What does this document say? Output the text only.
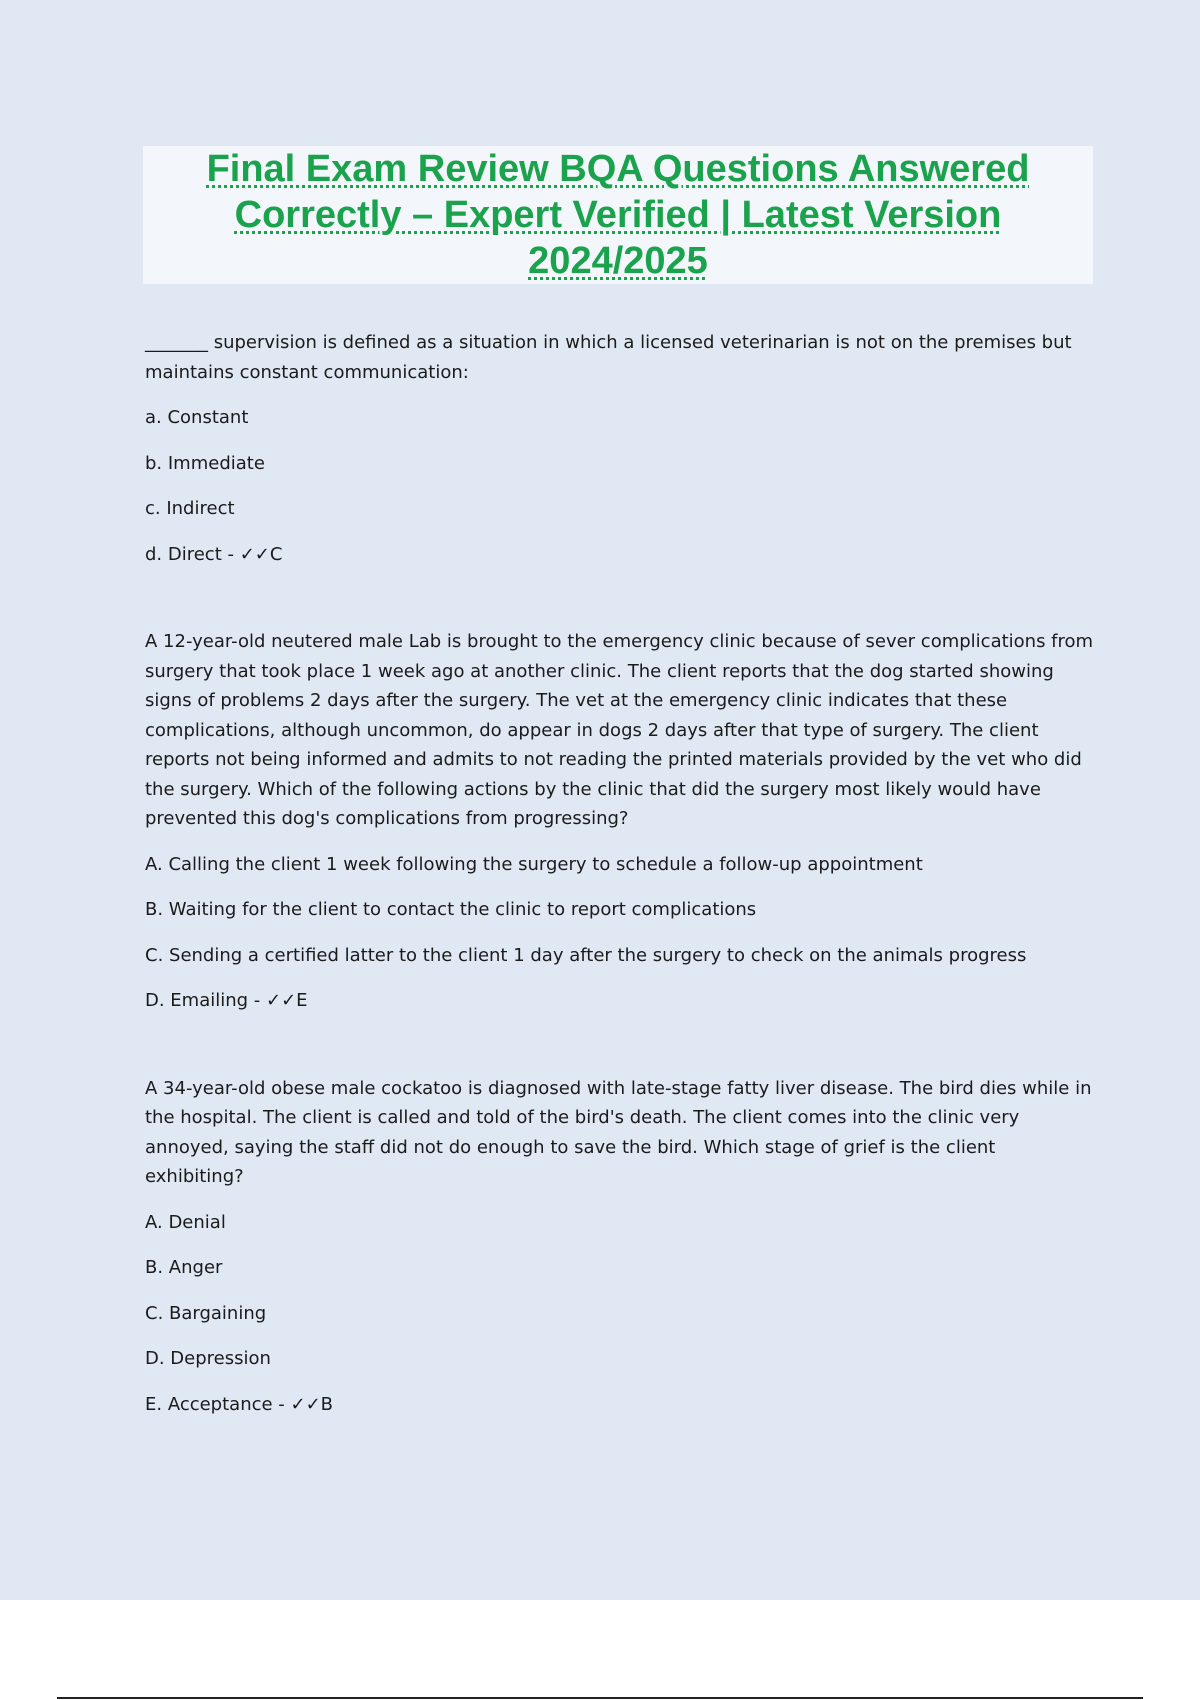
Final Exam Review BQA Questions Answered
Correctly – Expert Verified | Latest Version
2024/2025

_______ supervision is defined as a situation in which a licensed veterinarian is not on the premises but maintains constant communication:

a. Constant

b. Immediate

c. Indirect

d. Direct - ✓✓C

A 12-year-old neutered male Lab is brought to the emergency clinic because of sever complications from surgery that took place 1 week ago at another clinic. The client reports that the dog started showing signs of problems 2 days after the surgery. The vet at the emergency clinic indicates that these complications, although uncommon, do appear in dogs 2 days after that type of surgery. The client reports not being informed and admits to not reading the printed materials provided by the vet who did the surgery. Which of the following actions by the clinic that did the surgery most likely would have prevented this dog's complications from progressing?

A. Calling the client 1 week following the surgery to schedule a follow-up appointment

B. Waiting for the client to contact the clinic to report complications

C. Sending a certified latter to the client 1 day after the surgery to check on the animals progress

D. Emailing - ✓✓E

A 34-year-old obese male cockatoo is diagnosed with late-stage fatty liver disease. The bird dies while in the hospital. The client is called and told of the bird's death. The client comes into the clinic very annoyed, saying the staff did not do enough to save the bird. Which stage of grief is the client exhibiting?

A. Denial

B. Anger

C. Bargaining

D. Depression

E. Acceptance - ✓✓B
